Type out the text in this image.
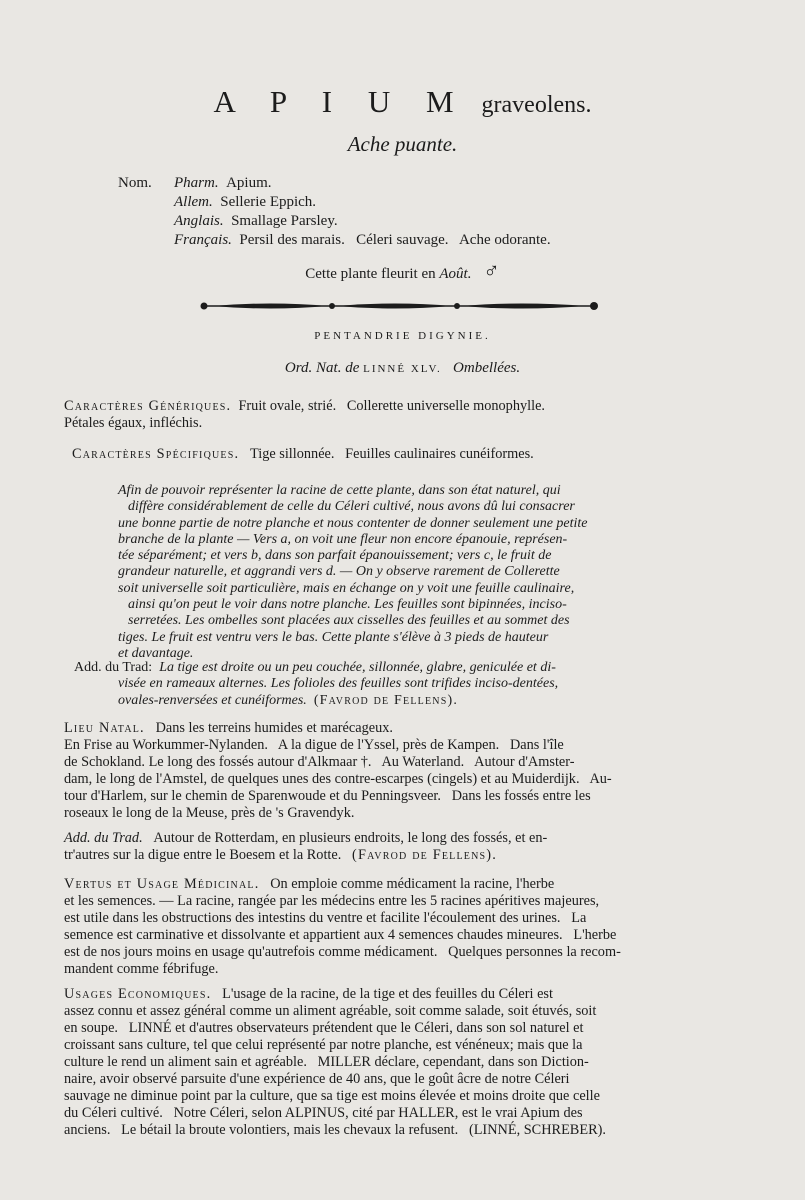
A P I U M graveolens.
Ache puante.
Nom. Pharm. Apium.
Allem. Sellerie Eppich.
Anglais. Smallage Parsley.
Français. Persil des marais.   Céleri sauvage.   Ache odorante.
Cette plante fleurit en Août. ♂
PENTANDRIE DIGYNIE.
Ord. Nat. de LINNÉ XLV. Ombellées.
Caractères Génériques. Fruit ovale, strié.   Collerette universelle monophylle.
Pétales égaux, infléchis.
Caractères Spécifiques. Tige sillonnée.   Feuilles caulinaires cunéiformes.
Afin de pouvoir représenter la racine de cette plante, dans son état naturel, qui
diffère considérablement de celle du Céleri cultivé, nous avons dû lui consacrer
une bonne partie de notre planche et nous contenter de donner seulement une petite
branche de la plante — Vers a, on voit une fleur non encore épanouie, représen-
tée séparément; et vers b, dans son parfait épanouissement; vers c, le fruit de
grandeur naturelle, et aggrandi vers d. — On y observe rarement de Collerette
soit universelle soit particulière, mais en échange on y voit une feuille caulinaire,
ainsi qu'on peut le voir dans notre planche. Les feuilles sont bipinnées, inciso-
serretées. Les ombelles sont placées aux cisselles des feuilles et au sommet des
tiges. Le fruit est ventru vers le bas. Cette plante s'élève à 3 pieds de hauteur
et davantage.
Add. du Trad: La tige est droite ou un peu couchée, sillonnée, glabre, geniculée et di-
visée en rameaux alternes. Les folioles des feuilles sont trifides inciso-dentées,
ovales-renversées et cunéiformes. (Favrod de Fellens).
Lieu Natal. Dans les terreins humides et marécageux.
En Frise au Workummer-Nylanden.   A la digue de l'Yssel, près de Kampen.   Dans l'île
de Schokland. Le long des fossés autour d'Alkmaar †.   Au Waterland.   Autour d'Amster-
dam, le long de l'Amstel, de quelques unes des contre-escarpes (cingels) et au Muiderdijk.   Au-
tour d'Harlem, sur le chemin de Sparenwoude et du Penningsveer.   Dans les fossés entre les
roseaux le long de la Meuse, près de 's Gravendyk.
Add. du Trad. Autour de Rotterdam, en plusieurs endroits, le long des fossés, et en-
tr'autres sur la digue entre le Boesem et la Rotte. (Favrod de Fellens).
Vertus et Usage Médicinal. On emploie comme médicament la racine, l'herbe
et les semences. — La racine, rangée par les médecins entre les 5 racines apéritives majeures,
est utile dans les obstructions des intestins du ventre et facilite l'écoulement des urines.   La
semence est carminative et dissolvante et appartient aux 4 semences chaudes mineures.   L'herbe
est de nos jours moins en usage qu'autrefois comme médicament.   Quelques personnes la recom-
mandent comme fébrifuge.
Usages Economiques. L'usage de la racine, de la tige et des feuilles du Céleri est
assez connu et assez général comme un aliment agréable, soit comme salade, soit étuvés, soit
en soupe.   LINNÉ et d'autres observateurs prétendent que le Céleri, dans son sol naturel et
croissant sans culture, tel que celui représenté par notre planche, est vénéneux; mais que la
culture le rend un aliment sain et agréable.   MILLER déclare, cependant, dans son Diction-
naire, avoir observé parsuite d'une expérience de 40 ans, que le goût âcre de notre Céleri
sauvage ne diminue point par la culture, que sa tige est moins élevée et moins droite que celle
du Céleri cultivé.   Notre Céleri, selon ALPINUS, cité par HALLER, est le vrai Apium des
anciens.   Le bétail la broute volontiers, mais les chevaux la refusent.   (LINNÉ, SCHREBER).
